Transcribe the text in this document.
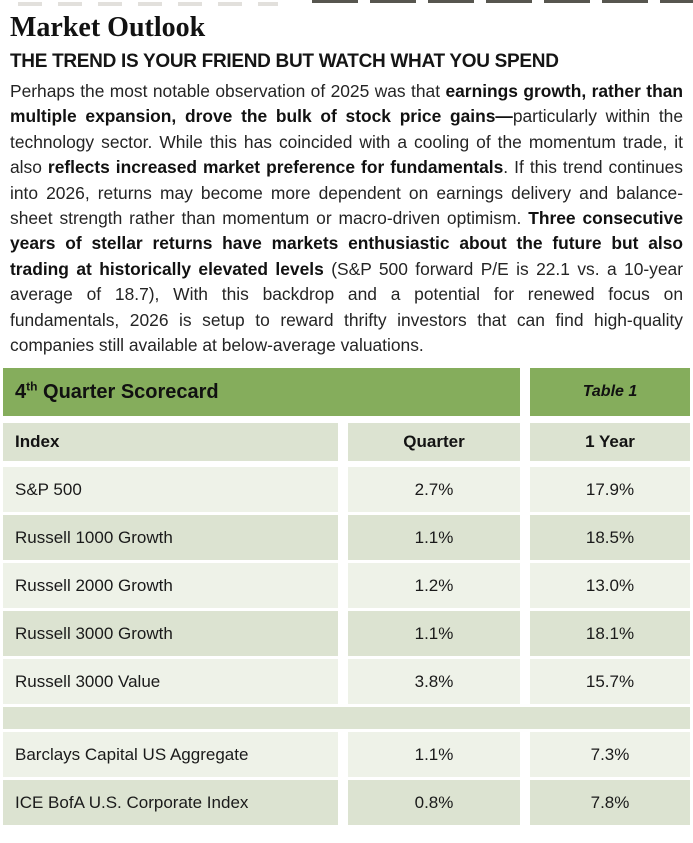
Market Outlook
THE TREND IS YOUR FRIEND BUT WATCH WHAT YOU SPEND

Perhaps the most notable observation of 2025 was that earnings growth, rather than multiple expansion, drove the bulk of stock price gains—particularly within the technology sector. While this has coincided with a cooling of the momentum trade, it also reflects increased market preference for fundamentals. If this trend continues into 2026, returns may become more dependent on earnings delivery and balance-sheet strength rather than momentum or macro-driven optimism. Three consecutive years of stellar returns have markets enthusiastic about the future but also trading at historically elevated levels (S&P 500 forward P/E is 22.1 vs. a 10-year average of 18.7), With this backdrop and a potential for renewed focus on fundamentals, 2026 is setup to reward thrifty investors that can find high-quality companies still available at below-average valuations.

4th Quarter Scorecard	Table 1
Index	Quarter	1 Year
S&P 500	2.7%	17.9%
Russell 1000 Growth	1.1%	18.5%
Russell 2000 Growth	1.2%	13.0%
Russell 3000 Growth	1.1%	18.1%
Russell 3000 Value	3.8%	15.7%
Barclays Capital US Aggregate	1.1%	7.3%
ICE BofA U.S. Corporate Index	0.8%	7.8%
